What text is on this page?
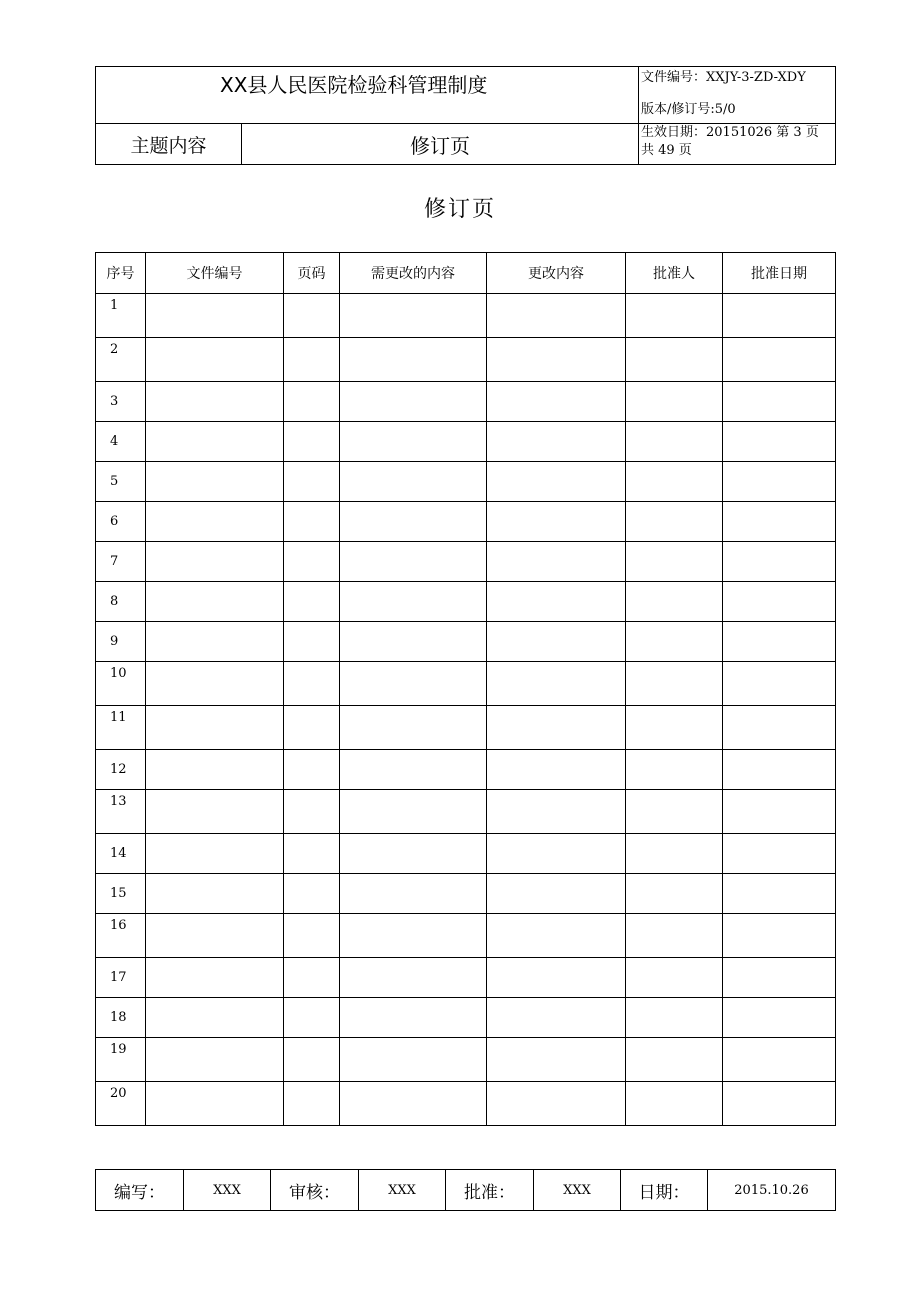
XX县人民医院检验科管理制度		文件编号：XXJY-3-ZD-XDY
版本/修订号:5/0

主题内容	修订页	生效日期：20151026 第 3 页
共 49 页
修订页
序号	文件编号	页码	需更改的内容	更改内容	批准人	批准日期
1						
2						
3						
4						
5						
6						
7						
8						
9						
10						
11						
12						
13						
14						
15						
16						
17						
18						
19						
20						
编写：	XXX	审核：	XXX	批准：	XXX	日期：	2015.10.26
